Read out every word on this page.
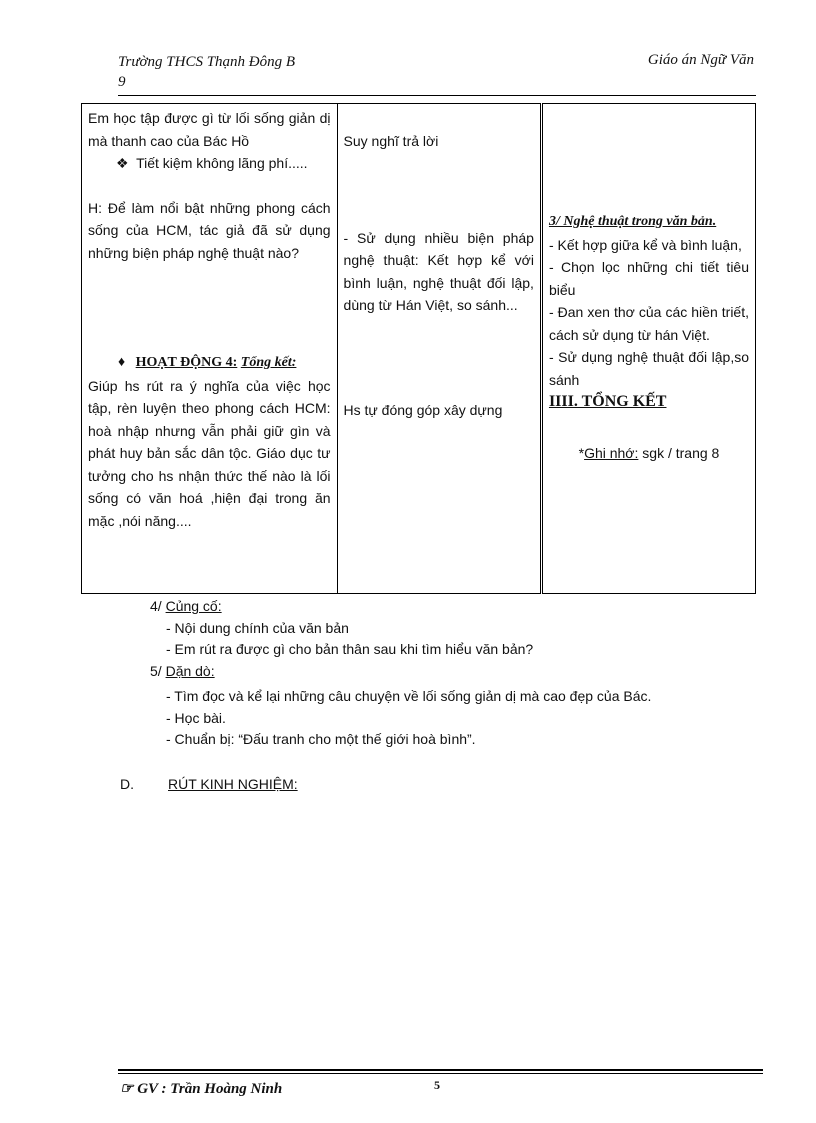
Trường THCS Thạnh Đông B
9
Giáo án Ngữ Văn
Em học tập được gì từ lối sống giản dị mà thanh cao của Bác Hồ
❖ Tiết kiệm không lãng phí.....
H: Để làm nổi bật những phong cách sống của HCM, tác giả đã sử dụng những biện pháp nghệ thuật nào?
♦ HOẠT ĐỘNG 4: Tổng kết:
Giúp hs rút ra ý nghĩa của việc học tập, rèn luyện theo phong cách HCM: hoà nhập nhưng vẫn phải giữ gìn và phát huy bản sắc dân tộc. Giáo dục tư tưởng cho hs nhận thức thế nào là lối sống có văn hoá ,hiện đại trong ăn mặc ,nói năng....

Suy nghĩ trả lời
- Sử dụng nhiều biện pháp nghệ thuật: Kết hợp kể với bình luận, nghệ thuật đối lập, dùng từ Hán Việt, so sánh...
Hs tự đóng góp xây dựng

3/ Nghệ thuật trong văn bản.
- Kết hợp giữa kể và bình luận,
- Chọn lọc những chi tiết tiêu biểu
- Đan xen thơ của các hiền triết, cách sử dụng từ hán Việt.
- Sử dụng nghệ thuật đối lập,so sánh
IIII. TỔNG KẾT
*Ghi nhớ: sgk / trang 8
4/ Củng cố:
- Nội dung chính của văn bản
- Em rút ra được gì cho bản thân sau khi tìm hiểu văn bản?
5/ Dặn dò:
- Tìm đọc và kể lại những câu chuyện về lối sống giản dị mà cao đẹp của Bác.
- Học bài.
- Chuẩn bị: “Đấu tranh cho một thế giới hoà bình”.
D. RÚT KINH NGHIỆM:
☞ GV : Trần Hoàng Ninh	5
